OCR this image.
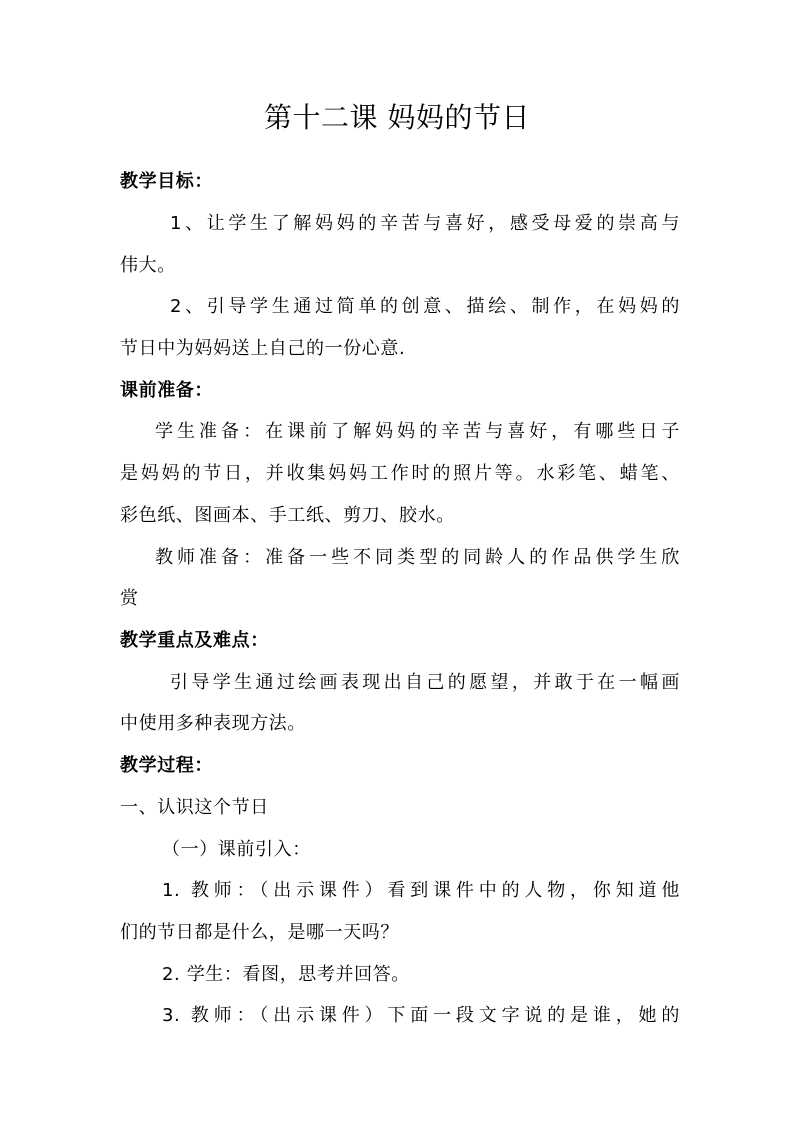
第十二课 妈妈的节日
教学目标：
1、让学生了解妈妈的辛苦与喜好，感受母爱的崇高与
伟大。
2、引导学生通过简单的创意、描绘、制作，在妈妈的
节日中为妈妈送上自己的一份心意.
课前准备：
学生准备：在课前了解妈妈的辛苦与喜好，有哪些日子
是妈妈的节日，并收集妈妈工作时的照片等。水彩笔、蜡笔、
彩色纸、图画本、手工纸、剪刀、胶水。
教师准备：准备一些不同类型的同龄人的作品供学生欣
赏
教学重点及难点：
引导学生通过绘画表现出自己的愿望，并敢于在一幅画
中使用多种表现方法。
教学过程：
一、认识这个节日
（一）课前引入：
1. 教师：（出示课件）看到课件中的人物，你知道他
们的节日都是什么，是哪一天吗？
2. 学生：看图，思考并回答。
3. 教师：（出示课件）下面一段文字说的是谁，她的
